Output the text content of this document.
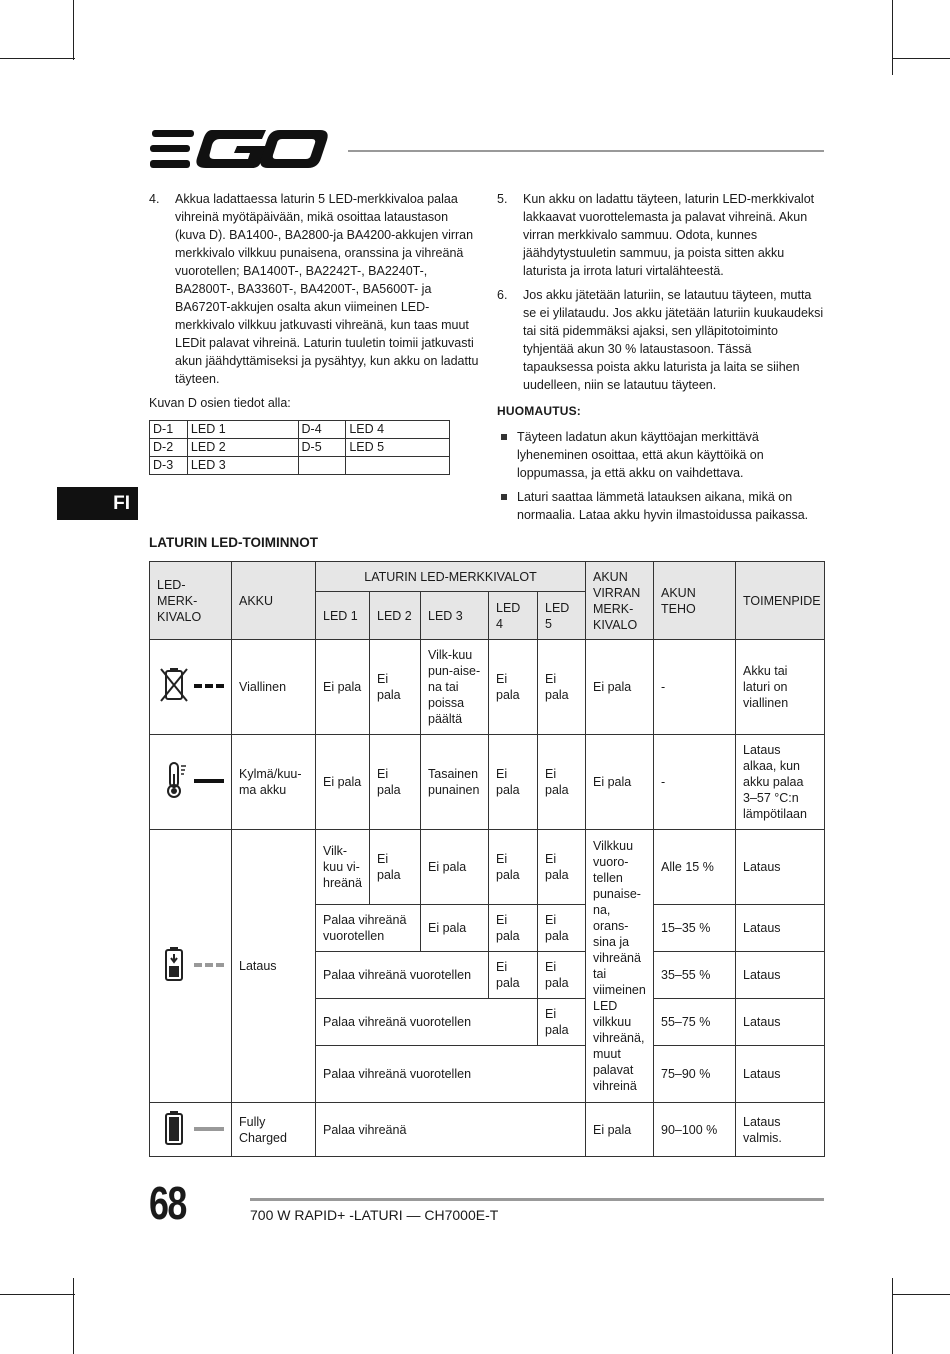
EGO
4.	Akkua ladattaessa laturin 5 LED-merkkivaloa palaa vihreinä myötäpäivään, mikä osoittaa lataustason (kuva D). BA1400-, BA2800-ja BA4200-akkujen virran merkkivalo vilkkuu punaisena, oranssina ja vihreänä vuorotellen; BA1400T-, BA2242T-, BA2240T-, BA2800T-, BA3360T-, BA4200T-, BA5600T- ja BA6720T-akkujen osalta akun viimeinen LED-merkkivalo vilkkuu jatkuvasti vihreänä, kun taas muut LEDit palavat vihreinä. Laturin tuuletin toimii jatkuvasti akun jäähdyttämiseksi ja pysähtyy, kun akku on ladattu täyteen.

Kuvan D osien tiedot alla:

D-1	LED 1	D-4	LED 4
D-2	LED 2	D-5	LED 5
D-3	LED 3		
5.	Kun akku on ladattu täyteen, laturin LED-merkkivalot lakkaavat vuorottelemasta ja palavat vihreinä. Akun virran merkkivalo sammuu. Odota, kunnes jäähdytystuuletin sammuu, ja poista sitten akku laturista ja irrota laturi virtalähteestä.
6.	Jos akku jätetään laturiin, se latautuu täyteen, mutta se ei ylilataudu. Jos akku jätetään laturiin kuukaudeksi tai sitä pidemmäksi ajaksi, sen ylläpitotoiminto tyhjentää akun 30 % lataustasoon. Tässä tapauksessa poista akku laturista ja laita se siihen uudelleen, niin se latautuu täyteen.
HUOMAUTUS:
Täyteen ladatun akun käyttöajan merkittävä lyheneminen osoittaa, että akun käyttöikä on loppumassa, ja että akku on vaihdettava.
Laturi saattaa lämmetä latauksen aikana, mikä on normaalia. Lataa akku hyvin ilmastoidussa paikassa.
FI
LATURIN LED-TOIMINNOT
LED-MERK-KIVALO	AKKU	LATURIN LED-MERKKIVALOT					AKUN VIRRAN MERK-KIVALO	AKUN TEHO	TOIMENPIDE
		LED 1	LED 2	LED 3	LED 4	LED 5			
	Viallinen	Ei pala	Ei pala	Vilk-kuu pun-aise-na tai poissa päältä	Ei pala	Ei pala	Ei pala	-	Akku tai laturi on viallinen
	Kylmä/kuu-ma akku	Ei pala	Ei pala	Tasainen punainen	Ei pala	Ei pala	Ei pala	-	Lataus alkaa, kun akku palaa 3–57 °C:n lämpötilaan
	Lataus	Vilk-kuu vi-hreänä	Ei pala	Ei pala	Ei pala	Ei pala	Vilkkuu vuoro-tellen punaise-na, orans-sina ja vihreänä tai viimeinen LED vilkkuu vihreänä, muut palavat vihreinä	Alle 15 %	Lataus
		Palaa vihreänä vuorotellen		Ei pala	Ei pala	Ei pala		15–35 %	Lataus
		Palaa vihreänä vuorotellen			Ei pala	Ei pala		35–55 %	Lataus
		Palaa vihreänä vuorotellen				Ei pala		55–75 %	Lataus
		Palaa vihreänä vuorotellen						75–90 %	Lataus
	Fully Charged	Palaa vihreänä					Ei pala	90–100 %	Lataus valmis.
68	700 W RAPID+ -LATURI — CH7000E-T
